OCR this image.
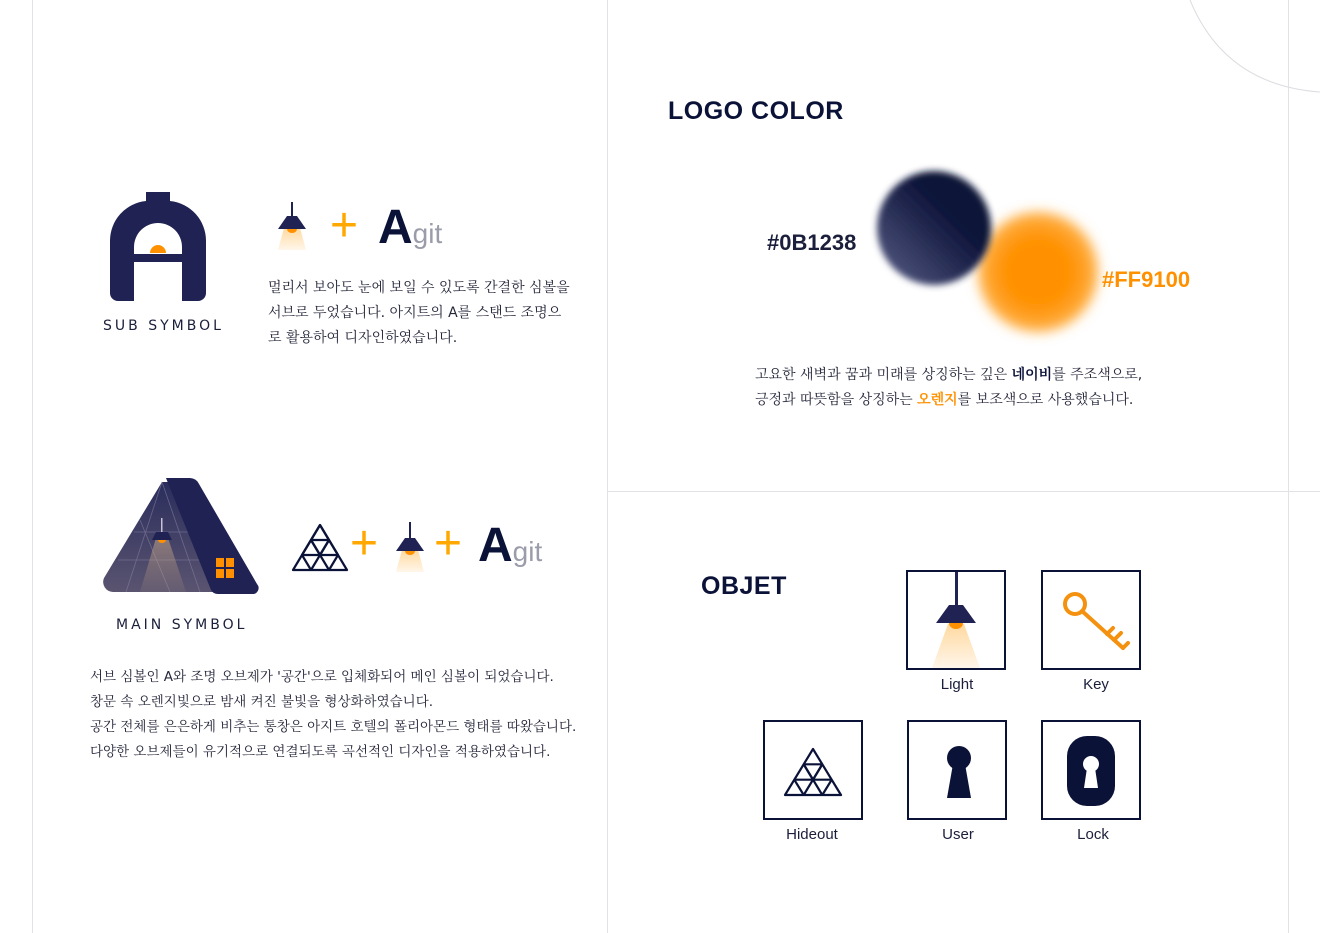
SUB SYMBOL
+ Agit
멀리서 보아도 눈에 보일 수 있도록 간결한 심볼을
서브로 두었습니다. 아지트의 A를 스탠드 조명으
로 활용하여 디자인하였습니다.
MAIN SYMBOL
+ + Agit
서브 심볼인 A와 조명 오브제가 '공간'으로 입체화되어 메인 심볼이 되었습니다.
창문 속 오렌지빛으로 밤새 켜진 불빛을 형상화하였습니다.
공간 전체를 은은하게 비추는 통창은 아지트 호텔의 폴리아몬드 형태를 따왔습니다.
다양한 오브제들이 유기적으로 연결되도록 곡선적인 디자인을 적용하였습니다.
LOGO COLOR
#0B1238
#FF9100
고요한 새벽과 꿈과 미래를 상징하는 깊은 네이비를 주조색으로,
긍정과 따뜻함을 상징하는 오렌지를 보조색으로 사용했습니다.
OBJET
Light	Key
Hideout	User	Lock
